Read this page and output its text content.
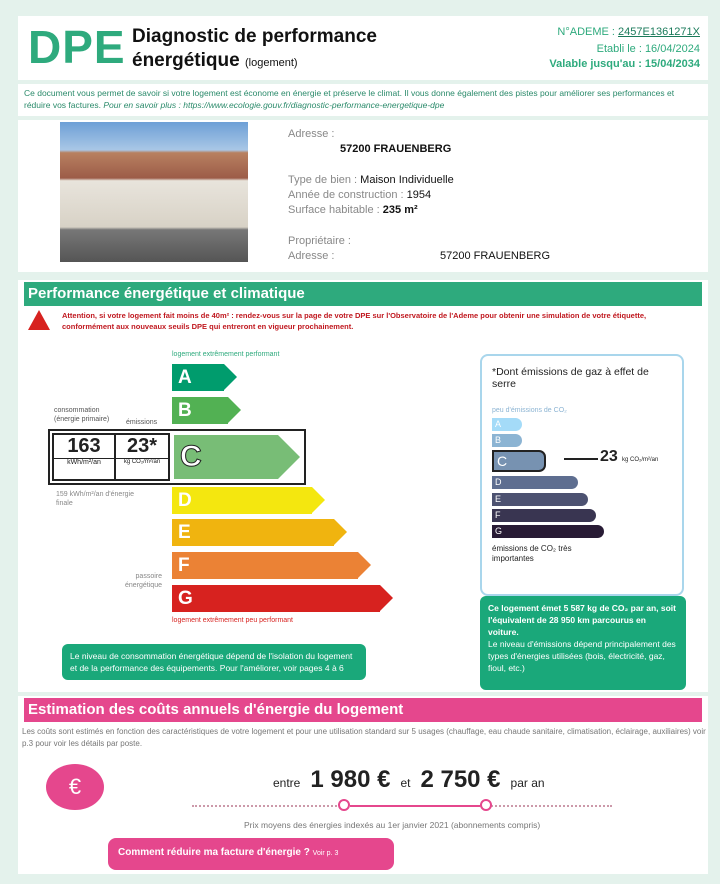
DPE Diagnostic de performance
énergétique (logement)
N°ADEME : 2457E1361271X
Etabli le : 16/04/2024
Valable jusqu'au : 15/04/2034
Ce document vous permet de savoir si votre logement est économe en énergie et préserve le climat. Il vous donne également des pistes pour améliorer ses performances et réduire vos factures. Pour en savoir plus : https://www.ecologie.gouv.fr/diagnostic-performance-energetique-dpe
Adresse :
57200 FRAUENBERG
Type de bien : Maison Individuelle
Année de construction : 1954
Surface habitable : 235 m²
Propriétaire :
Adresse :	57200 FRAUENBERG
Performance énergétique et climatique
Attention, si votre logement fait moins de 40m² : rendez-vous sur la page de votre DPE sur l'Observatoire de l'Ademe pour obtenir une simulation de votre étiquette, conformément aux nouveaux seuils DPE qui entreront en vigueur prochainement.
logement extrêmement performant
A
B
C
D
E
F
G
163
kWh/m²/an
23*
kg CO₂/m²/an
consommation (énergie primaire)	émissions
159 kWh/m²/an d'énergie finale
passoire énergétique
logement extrêmement peu performant
Le niveau de consommation énergétique dépend de l'isolation du logement et de la performance des équipements. Pour l'améliorer, voir pages 4 à 6
*Dont émissions de gaz à effet de serre
peu d'émissions de CO₂
A
B
C
D
E
F
G
23 kg CO₂/m²/an
émissions de CO₂ très importantes
Ce logement émet 5 587 kg de CO₂ par an, soit l'équivalent de 28 950 km parcourus en voiture.
Le niveau d'émissions dépend principalement des types d'énergies utilisées (bois, électricité, gaz, fioul, etc.)
Estimation des coûts annuels d'énergie du logement
Les coûts sont estimés en fonction des caractéristiques de votre logement et pour une utilisation standard sur 5 usages (chauffage, eau chaude sanitaire, climatisation, éclairage, auxiliaires) voir p.3 pour voir les détails par poste.
€	entre 1 980 € et 2 750 € par an
Prix moyens des énergies indexés au 1er janvier 2021 (abonnements compris)
Comment réduire ma facture d'énergie ? Voir p. 3
